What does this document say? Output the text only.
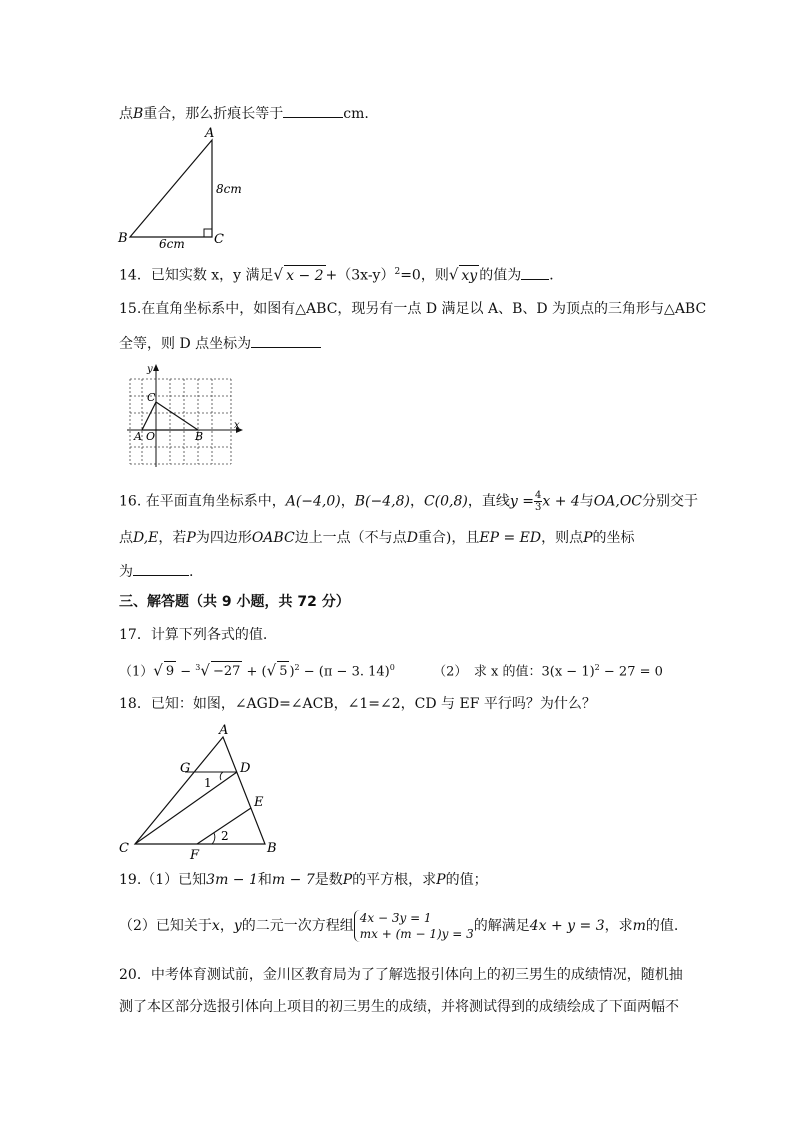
点B重合，那么折痕长等于	cm.
A
B	C
8cm
6cm
14．已知实数 x，y 满足√ $x - 2 +(3x-y)^2=0$，则√ xy 的值为 ．
15.在直角坐标系中，如图有△ABC，现另有一点 D 满足以 A、B、D 为顶点的三角形与△ABC
全等，则 D 点坐标为
y
x
C
A O	B
16. 在平面直角坐标系中，A(−4,0)，B(−4,8)，C(0,8)，直线$y = \frac{4}{3}$ x + 4与OA,OC分别交于
点D,E，若P为四边形OABC边上一点（不与点D重合)，且EP = ED，则点P的坐标
为	.
三、解答题（共 9 小题，共 72 分）
17．计算下列各式的值.
（1）√ 9 − $^3$√ −27 + (√ 5 )$^2$ − (π − 3. 14)$^0$	（2）　求 x 的值：$3(x - 1)^2 - 27 = 0$
18．已知：如图，∠AGD=∠ACB，∠1=∠2，CD 与 EF 平行吗？为什么？
A
G	D
E
C	F	B
1
2
19.（1）已知3m − 1和m − 7是数P的平方根，求P的值；
（2）已知关于x，y的二元一次方程组 4x − 3y = 1
mx + (m − 1)y = 3 的解满足4x + y = 3，求m的值.
20．中考体育测试前，金川区教育局为了了解选报引体向上的初三男生的成绩情况，随机抽
测了本区部分选报引体向上项目的初三男生的成绩，并将测试得到的成绩绘成了下面两幅不
